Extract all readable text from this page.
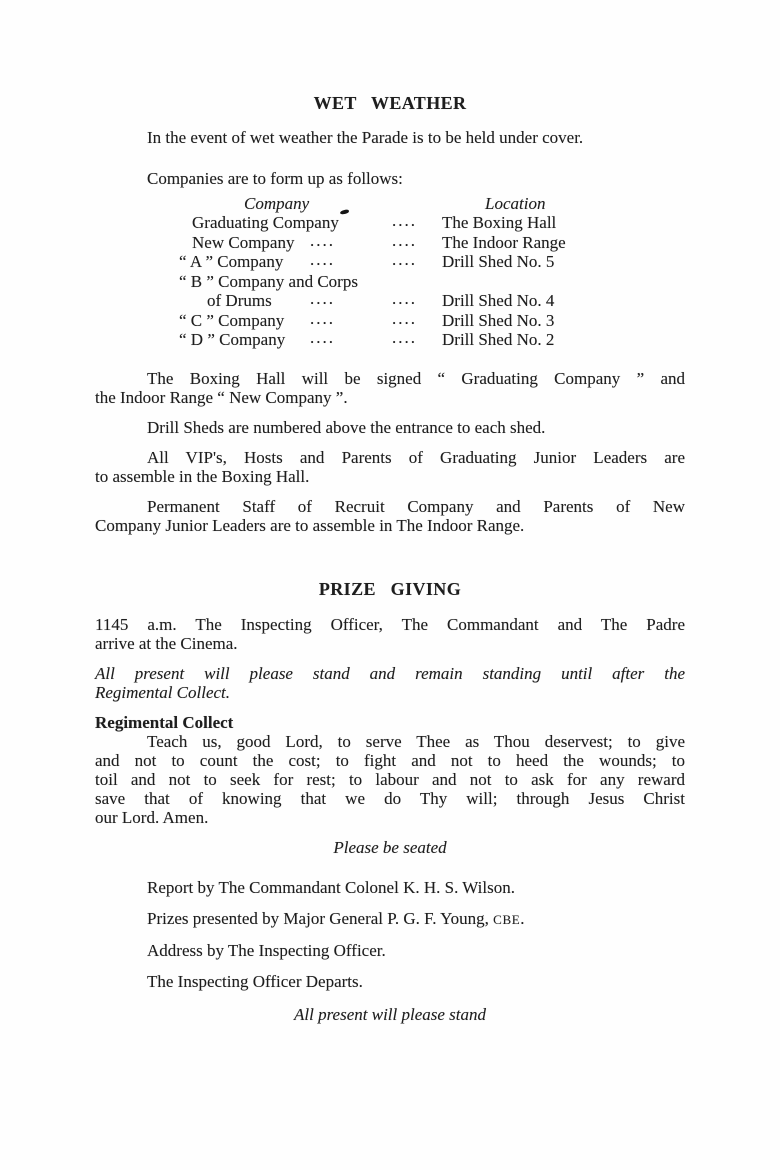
WET WEATHER

In the event of wet weather the Parade is to be held under cover.

Companies are to form up as follows:

Company	Location
Graduating Company	.... The Boxing Hall
New Company ....	.... The Indoor Range
“ A ” Company ....	.... Drill Shed No. 5
“ B ” Company and Corps
of Drums ....	.... Drill Shed No. 4
“ C ” Company ....	.... Drill Shed No. 3
“ D ” Company ....	.... Drill Shed No. 2
The Boxing Hall will be signed “ Graduating Company ” and
the Indoor Range “ New Company ”.

Drill Sheds are numbered above the entrance to each shed.

All VIP's, Hosts and Parents of Graduating Junior Leaders are
to assemble in the Boxing Hall.
Permanent Staff of Recruit Company and Parents of New
Company Junior Leaders are to assemble in The Indoor Range.
PRIZE GIVING
1145 a.m. The Inspecting Officer, The Commandant and The Padre
arrive at the Cinema.
All present will please stand and remain standing until after the
Regimental Collect.

Regimental Collect

Teach us, good Lord, to serve Thee as Thou deservest; to give
and not to count the cost; to fight and not to heed the wounds; to
toil and not to seek for rest; to labour and not to ask for any reward
save that of knowing that we do Thy will; through Jesus Christ
our Lord. Amen.

Please be seated

Report by The Commandant Colonel K. H. S. Wilson.

Prizes presented by Major General P. G. F. Young, CBE.

Address by The Inspecting Officer.

The Inspecting Officer Departs.

All present will please stand
